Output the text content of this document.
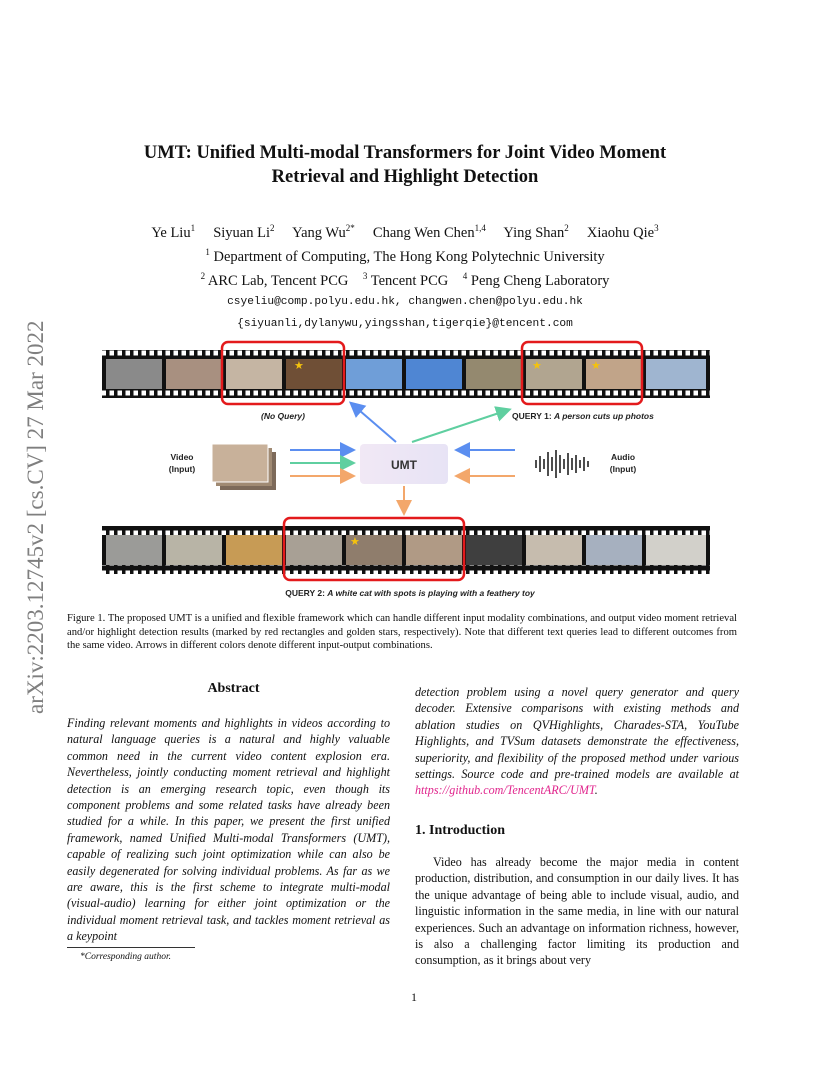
arXiv:2203.12745v2 [cs.CV] 27 Mar 2022
UMT: Unified Multi-modal Transformers for Joint Video Moment
Retrieval and Highlight Detection
Ye Liu$^1$ Siyuan Li$^2$ Yang $Wu^{2*}$ Chang Wen Chen$^{1,4}$ Ying Shan$^2$ Xiaohu Qie$^3$
$^1$ Department of Computing, The Hong Kong Polytechnic University
$^2$ ARC Lab, Tencent PCG $^3$ Tencent PCG $^4$ Peng Cheng Laboratory
csyeliu@comp.polyu.edu.hk, changwen.chen@polyu.edu.hk
{siyuanli,dylanywu,yingsshan,tigerqie}@tencent.com
★	★	★
(No Query)	QUERY 1: A person cuts up photos
Video
(Input)	UMT
Audio
(Input)
★
QUERY 2: A white cat with spots is playing with a feathery toy
Figure 1. The proposed UMT is a unified and flexible framework which can handle different input modality combinations, and output video moment retrieval and/or highlight detection results (marked by red rectangles and golden stars, respectively). Note that different text queries lead to different outcomes from the same video. Arrows in different colors denote different input-output combinations.
Abstract
Finding relevant moments and highlights in videos according to natural language queries is a natural and highly valuable common need in the current video content explosion era. Nevertheless, jointly conducting moment retrieval and highlight detection is an emerging research topic, even though its component problems and some related tasks have already been studied for a while. In this paper, we present the first unified framework, named Unified Multi-modal Transformers (UMT), capable of realizing such joint optimization while can also be easily degenerated for solving individual problems. As far as we are aware, this is the first scheme to integrate multi-modal (visual-audio) learning for either joint optimization or the individual moment retrieval task, and tackles moment retrieval as a keypoint
detection problem using a novel query generator and query decoder. Extensive comparisons with existing methods and ablation studies on QVHighlights, Charades-STA, YouTube Highlights, and TVSum datasets demonstrate the effectiveness, superiority, and flexibility of the proposed method under various settings. Source code and pre-trained models are available at https://github.com/TencentARC/UMT.
1. Introduction
Video has already become the major media in content production, distribution, and consumption in our daily lives. It has the unique advantage of being able to include visual, audio, and linguistic information in the same media, in line with our natural experiences. Such an advantage on information richness, however, is also a challenging factor limiting its production and consumption, as it brings about very
*Corresponding author.
1
